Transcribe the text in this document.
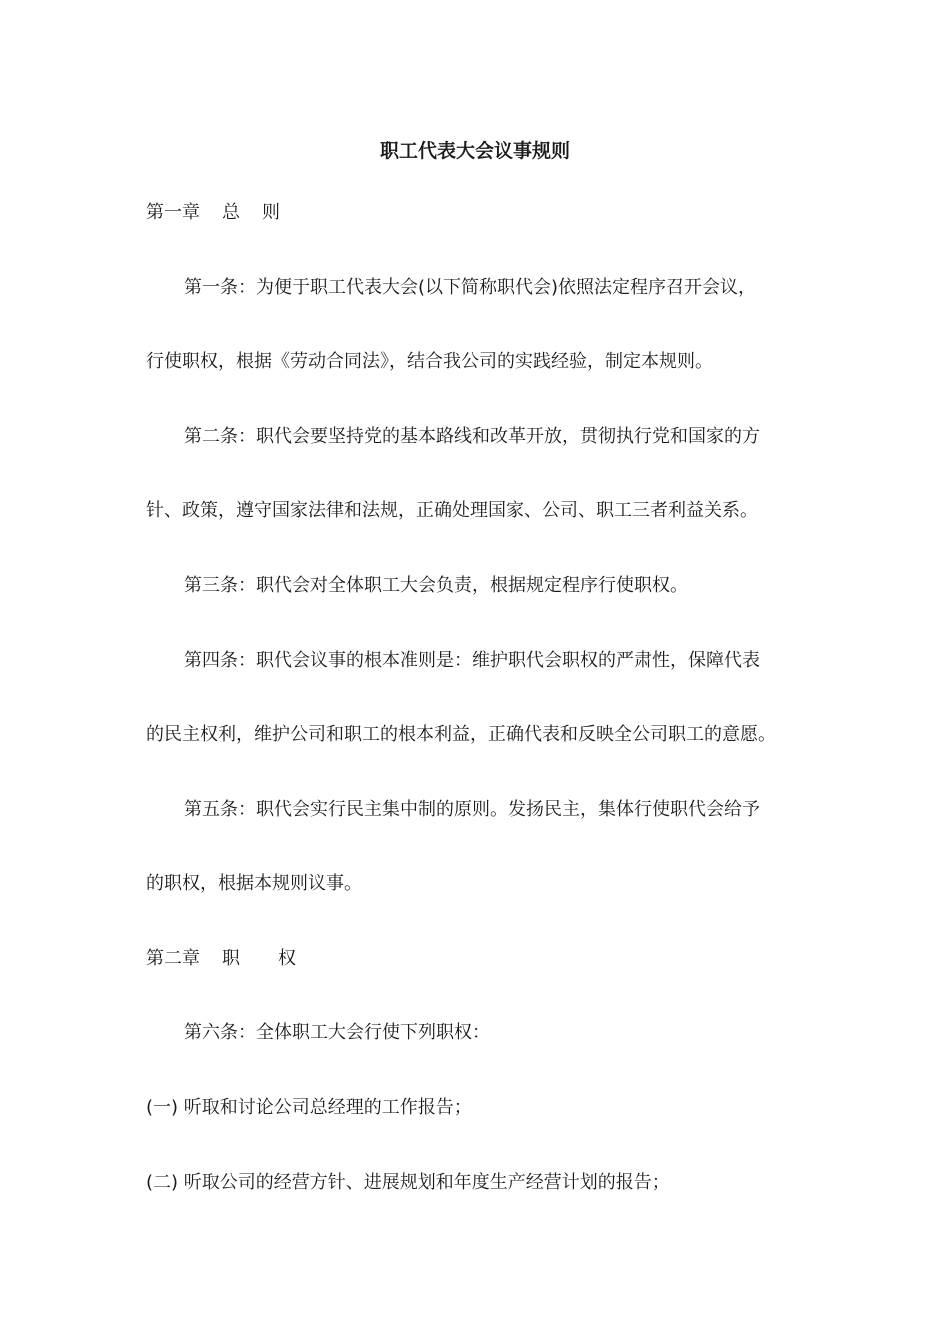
职工代表大会议事规则
第一章 总 则
第一条：为便于职工代表大会(以下简称职代会)依照法定程序召开会议，
行使职权，根据《劳动合同法》，结合我公司的实践经验，制定本规则。
第二条：职代会要坚持党的基本路线和改革开放，贯彻执行党和国家的方
针、政策，遵守国家法律和法规，正确处理国家、公司、职工三者利益关系。
第三条：职代会对全体职工大会负责，根据规定程序行使职权。
第四条：职代会议事的根本准则是：维护职代会职权的严肃性，保障代表
的民主权利，维护公司和职工的根本利益，正确代表和反映全公司职工的意愿。
第五条：职代会实行民主集中制的原则。发扬民主，集体行使职代会给予
的职权，根据本规则议事。
第二章 职 权
第六条：全体职工大会行使下列职权：
(一) 听取和讨论公司总经理的工作报告；
(二) 听取公司的经营方针、进展规划和年度生产经营计划的报告；
